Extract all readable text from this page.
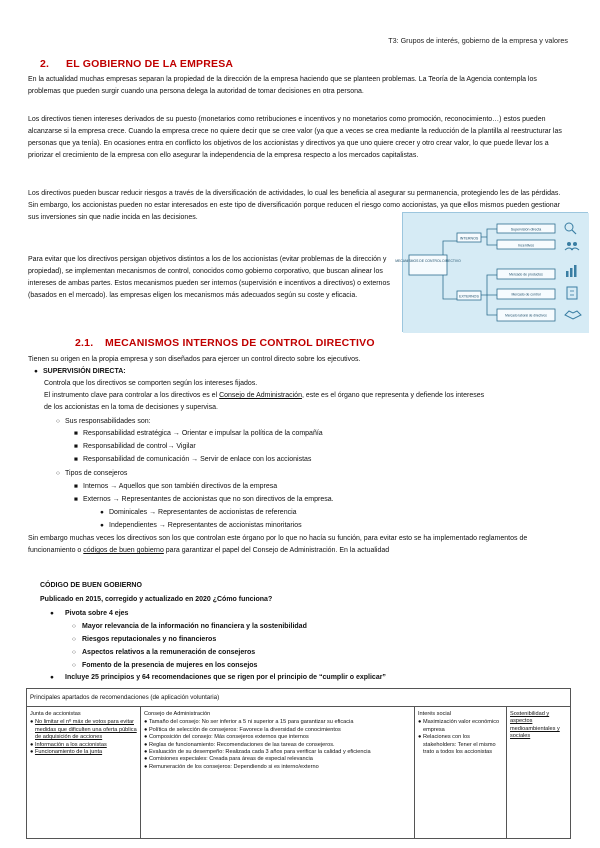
T3: Grupos de interés, gobierno de la empresa y valores
2. EL GOBIERNO DE LA EMPRESA
En la actualidad muchas empresas separan la propiedad de la dirección de la empresa haciendo que se planteen problemas. La Teoría de la Agencia contempla los problemas que pueden surgir cuando una persona delega la autoridad de tomar decisiones en otra persona.
Los directivos tienen intereses derivados de su puesto (monetarios como retribuciones e incentivos y no monetarios como promoción, reconocimiento…) estos pueden alcanzarse si la empresa crece. Cuando la empresa crece no quiere decir que se cree valor (ya que a veces se crea mediante la reducción de la plantilla al reestructurar las personas que ya tenía). En ocasiones entra en conflicto los objetivos de los accionistas y directivos ya que uno quiere crecer y otro crear valor, lo que puede llevar los a priorizar el crecimiento de la empresa con ello asegurar la independencia de la empresa respecto a los mercados capitalistas.
Los directivos pueden buscar reducir riesgos a través de la diversificación de actividades, lo cual les beneficia al asegurar su permanencia, protegiendo les de las pérdidas. Sin embargo, los accionistas pueden no estar interesados en este tipo de diversificación porque reducen el riesgo como accionistas, ya que ellos mismos pueden gestionar sus inversiones sin que nadie incida en las decisiones.
Para evitar que los directivos persigan objetivos distintos a los de los accionistas (evitar problemas de la dirección y propiedad), se implementan mecanismos de control, conocidos como gobierno corporativo, que buscan alinear los intereses de ambas partes. Estos mecanismos pueden ser internos (supervisión e incentivos a directivos) o externos (basados en el mercado). las empresas eligen los mecanismos más adecuados según su coste y eficacia.
MECANISMOS DE CONTROL DIRECTIVO
INTERNOS
EXTERNOS
Supervisión directa
Incentivos
Mercado de productos
Mercado de control
Mercado laboral de directivos
2.1. MECANISMOS INTERNOS DE CONTROL DIRECTIVO
Tienen su origen en la propia empresa y son diseñados para ejercer un control directo sobre los ejecutivos.
● SUPERVISIÓN DIRECTA:
Controla que los directivos se comporten según los intereses fijados.
El instrumento clave para controlar a los directivos es el Consejo de Administración, este es el órgano que representa y defiende los intereses
de los accionistas en la toma de decisiones y supervisa.
○ Sus responsabilidades son:
■ Responsabilidad estratégica → Orientar e impulsar la política de la compañía
■ Responsabilidad de control→ Vigilar
■ Responsabilidad de comunicación → Servir de enlace con los accionistas
○ Tipos de consejeros
■ Internos → Aquellos que son también directivos de la empresa
■ Externos → Representantes de accionistas que no son directivos de la empresa.
● Dominicales → Representantes de accionistas de referencia
● Independientes → Representantes de accionistas minoritarios
Sin embargo muchas veces los directivos son los que controlan este órgano por lo que no hacía su función, para evitar esto se ha implementado reglamentos de funcionamiento o códigos de buen gobierno para garantizar el papel del Consejo de Administración. En la actualidad
CÓDIGO DE BUEN GOBIERNO
Publicado en 2015, corregido y actualizado en 2020 ¿Cómo funciona?
● Pivota sobre 4 ejes
○ Mayor relevancia de la información no financiera y la sostenibilidad
○ Riesgos reputacionales y no financieros
○ Aspectos relativos a la remuneración de consejeros
○ Fomento de la presencia de mujeres en los consejos
● Incluye 25 principios y 64 recomendaciones que se rigen por el principio de “cumplir o explicar”
Principales apartados de recomendaciones (de aplicación voluntaria)
Junta de accionistas
● No limitar el nº máx de votos para evitar medidas que dificulten una oferta pública de adquisición de acciones
● Información a los accionistas
● Funcionamiento de la junta
Consejo de Administración
● Tamaño del consejo: No ser inferior a 5 ni superior a 15 para garantizar su eficacia
● Política de selección de consejeros: Favorece la diversidad de conocimientos
● Composición del consejo: Más consejeros externos que internos
● Reglas de funcionamiento: Recomendaciones de las tareas de consejeros.
● Evaluación de su desempeño: Realizada cada 3 años para verificar la calidad y eficiencia
● Comisiones especiales: Creada para áreas de especial relevancia
● Remuneración de los consejeros: Dependiendo si es interno/externo
Interés social
● Maximización valor económico empresa
● Relaciones con los stakeholders: Tener el mismo trato a todos los accionistas
Sostenibilidad y aspectos medioambientales y sociales
